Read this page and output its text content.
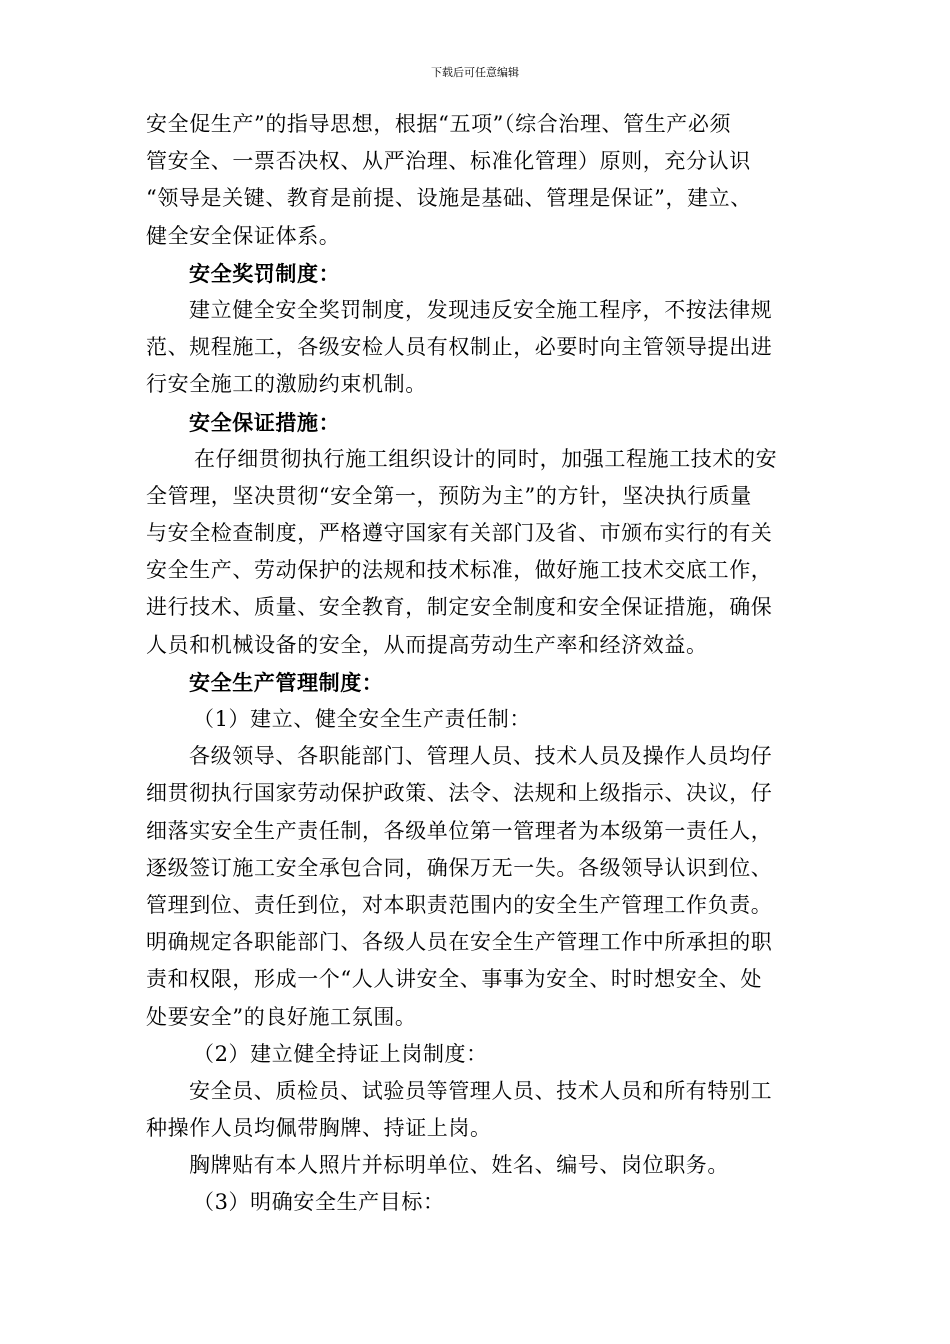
下载后可任意编辑
安全促生产”的指导思想，根据“五项”（综合治理、管生产必须
管安全、一票否决权、从严治理、标准化管理）原则，充分认识
“领导是关键、教育是前提、设施是基础、管理是保证”，建立、
健全安全保证体系。
安全奖罚制度：
建立健全安全奖罚制度，发现违反安全施工程序，不按法律规
范、规程施工，各级安检人员有权制止，必要时向主管领导提出进
行安全施工的激励约束机制。
安全保证措施：
在仔细贯彻执行施工组织设计的同时，加强工程施工技术的安
全管理，坚决贯彻“安全第一，预防为主”的方针，坚决执行质量
与安全检查制度，严格遵守国家有关部门及省、市颁布实行的有关
安全生产、劳动保护的法规和技术标准，做好施工技术交底工作，
进行技术、质量、安全教育，制定安全制度和安全保证措施，确保
人员和机械设备的安全，从而提高劳动生产率和经济效益。
安全生产管理制度：
（1）建立、健全安全生产责任制：
各级领导、各职能部门、管理人员、技术人员及操作人员均仔
细贯彻执行国家劳动保护政策、法令、法规和上级指示、决议，仔
细落实安全生产责任制，各级单位第一管理者为本级第一责任人，
逐级签订施工安全承包合同，确保万无一失。各级领导认识到位、
管理到位、责任到位，对本职责范围内的安全生产管理工作负责。
明确规定各职能部门、各级人员在安全生产管理工作中所承担的职
责和权限，形成一个“人人讲安全、事事为安全、时时想安全、处
处要安全”的良好施工氛围。
（2）建立健全持证上岗制度：
安全员、质检员、试验员等管理人员、技术人员和所有特别工
种操作人员均佩带胸牌、持证上岗。
胸牌贴有本人照片并标明单位、姓名、编号、岗位职务。
（3）明确安全生产目标：
